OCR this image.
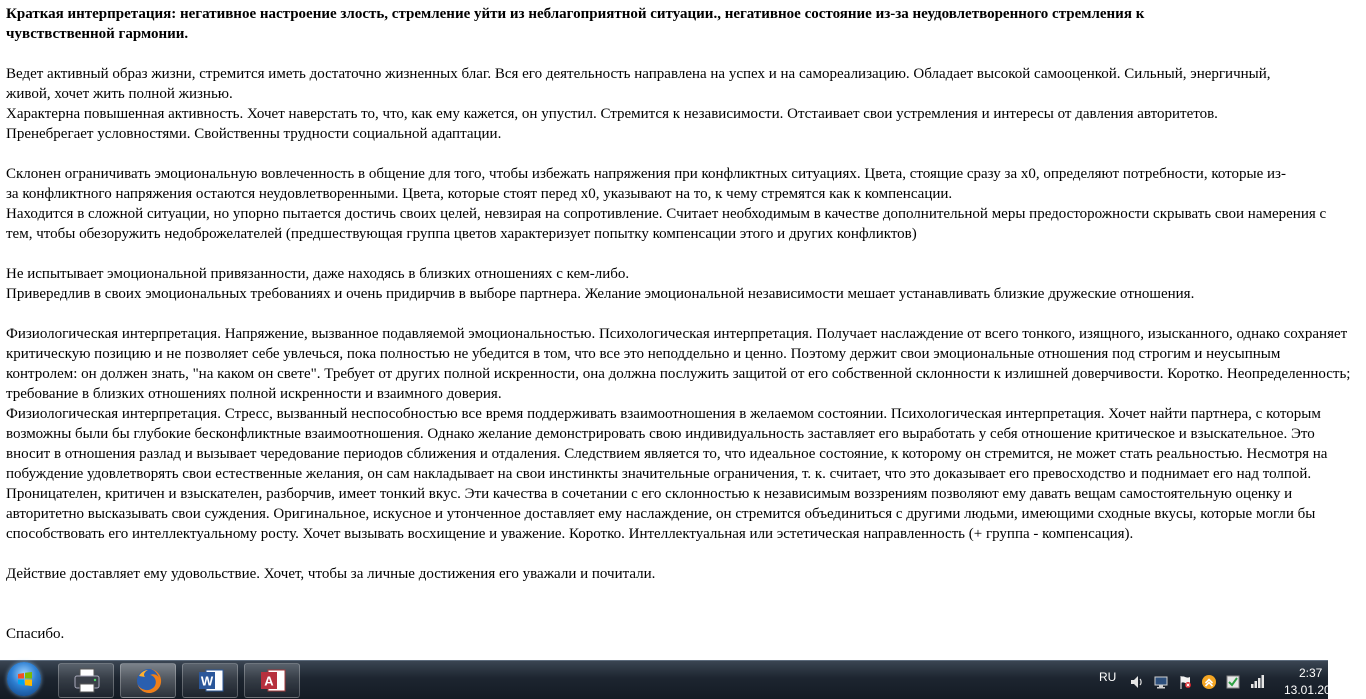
Краткая интерпретация: негативное настроение злость, стремление уйти из неблагоприятной ситуации., негативное состояние из-за неудовлетворенного стремления к чувствственной гармонии.

Ведет активный образ жизни, стремится иметь достаточно жизненных благ. Вся его деятельность направлена на успех и на самореализацию. Обладает высокой самооценкой. Сильный, энергичный, живой, хочет жить полной жизнью.

Характерна повышенная активность. Хочет наверстать то, что, как ему кажется, он упустил. Стремится к независимости. Отстаивает свои устремления и интересы от давления авторитетов. Пренебрегает условностями. Свойственны трудности социальной адаптации.

Склонен ограничивать эмоциональную вовлеченность в общение для того, чтобы избежать напряжения при конфликтных ситуациях. Цвета, стоящие сразу за x0, определяют потребности, которые из-за конфликтного напряжения остаются неудовлетворенными. Цвета, которые стоят перед x0, указывают на то, к чему стремятся как к компенсации.

Находится в сложной ситуации, но упорно пытается достичь своих целей, невзирая на сопротивление. Считает необходимым в качестве дополнительной меры предосторожности скрывать свои намерения с тем, чтобы обезоружить недоброжелателей (предшествующая группа цветов характеризует попытку компенсации этого и других конфликтов)

Не испытывает эмоциональной привязанности, даже находясь в близких отношениях с кем-либо.

Привередлив в своих эмоциональных требованиях и очень придирчив в выборе партнера. Желание эмоциональной независимости мешает устанавливать близкие дружеские отношения.

Физиологическая интерпретация. Напряжение, вызванное подавляемой эмоциональностью. Психологическая интерпретация. Получает наслаждение от всего тонкого, изящного, изысканного, однако сохраняет критическую позицию и не позволяет себе увлечься, пока полностью не убедится в том, что все это неподдельно и ценно. Поэтому держит свои эмоциональные отношения под строгим и неусыпным контролем: он должен знать, "на каком он свете". Требует от других полной искренности, она должна послужить защитой от его собственной склонности к излишней доверчивости. Коротко. Неопределенность; требование в близких отношениях полной искренности и взаимного доверия.

Физиологическая интерпретация. Стресс, вызванный неспособностью все время поддерживать взаимоотношения в желаемом состоянии. Психологическая интерпретация. Хочет найти партнера, с которым возможны были бы глубокие бесконфликтные взаимоотношения. Однако желание демонстрировать свою индивидуальность заставляет его выработать у себя отношение критическое и взыскательное. Это вносит в отношения разлад и вызывает чередование периодов сближения и отдаления. Следствием является то, что идеальное состояние, к которому он стремится, не может стать реальностью. Несмотря на побуждение удовлетворять свои естественные желания, он сам накладывает на свои инстинкты значительные ограничения, т. к. считает, что это доказывает его превосходство и поднимает его над толпой. Проницателен, критичен и взыскателен, разборчив, имеет тонкий вкус. Эти качества в сочетании с его склонностью к независимым воззрениям позволяют ему давать вещам самостоятельную оценку и авторитетно высказывать свои суждения. Оригинальное, искусное и утонченное доставляет ему наслаждение, он стремится объединиться с другими людьми, имеющими сходные вкусы, которые могли бы способствовать его интеллектуальному росту. Хочет вызывать восхищение и уважение. Коротко. Интеллектуальная или эстетическая направленность (+ группа - компенсация).

Действие доставляет ему удовольствие. Хочет, чтобы за личные достижения его уважали и почитали.

Спасибо.

W	A	RU	2:37
13.01.2015
